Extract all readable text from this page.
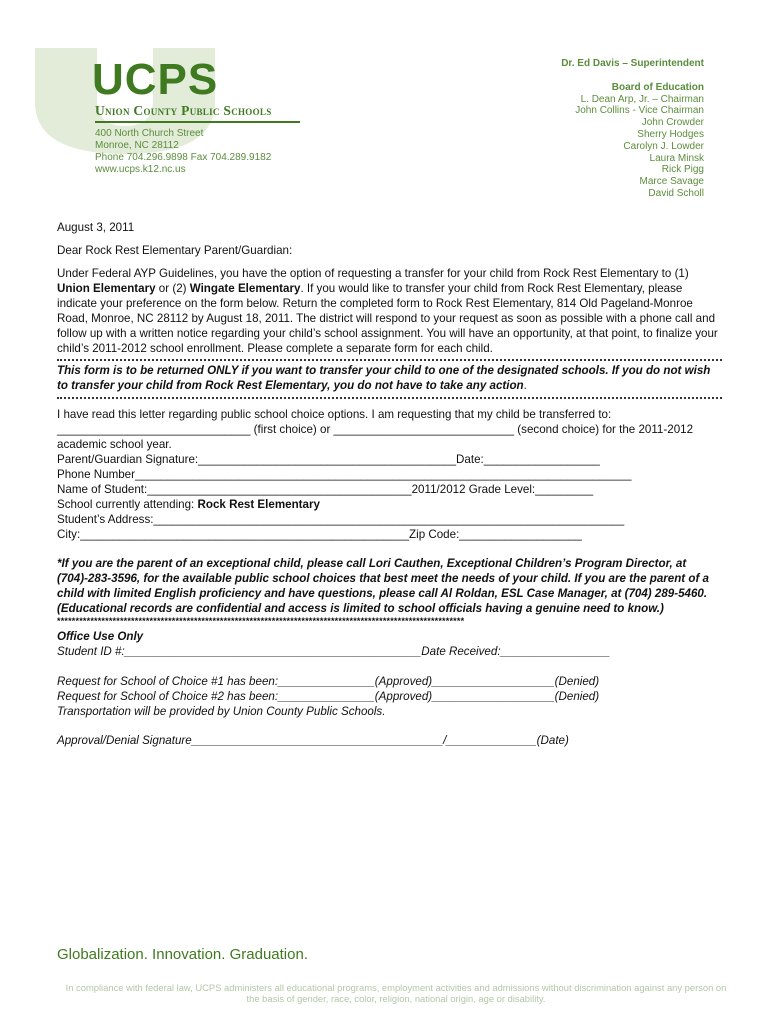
UCPS
Union County Public Schools
400 North Church Street
Monroe, NC 28112
Phone 704.296.9898 Fax 704.289.9182
www.ucps.k12.nc.us
Dr. Ed Davis – Superintendent
Board of Education
L. Dean Arp, Jr. – Chairman
John Collins - Vice Chairman
John Crowder
Sherry Hodges
Carolyn J. Lowder
Laura Minsk
Rick Pigg
Marce Savage
David Scholl

August 3, 2011

Dear Rock Rest Elementary Parent/Guardian:

Under Federal AYP Guidelines, you have the option of requesting a transfer for your child from Rock Rest Elementary to (1) Union Elementary or (2) Wingate Elementary. If you would like to transfer your child from Rock Rest Elementary, please indicate your preference on the form below. Return the completed form to Rock Rest Elementary, 814 Old Pageland-Monroe Road, Monroe, NC 28112 by August 18, 2011. The district will respond to your request as soon as possible with a phone call and follow up with a written notice regarding your child’s school assignment. You will have an opportunity, at that point, to finalize your child’s 2011-2012 school enrollment. Please complete a separate form for each child.

This form is to be returned ONLY if you want to transfer your child to one of the designated schools. If you do not wish to transfer your child from Rock Rest Elementary, you do not have to take any action.

I have read this letter regarding public school choice options. I am requesting that my child be transferred to:

______________________________ (first choice) or ____________________________ (second choice) for the 2011-2012 academic school year.

Parent/Guardian Signature:________________________________________Date:__________________

Phone Number_____________________________________________________________________________

Name of Student:_________________________________________2011/2012 Grade Level:_________

School currently attending: Rock Rest Elementary

Student’s Address:_________________________________________________________________________

City:___________________________________________________Zip Code:___________________

*If you are the parent of an exceptional child, please call Lori Cauthen, Exceptional Children’s Program Director, at (704)-283-3596, for the available public school choices that best meet the needs of your child. If you are the parent of a child with limited English proficiency and have questions, please call Al Roldan, ESL Case Manager, at (704) 289-5460. (Educational records are confidential and access is limited to school officials having a genuine need to know.)

**************************************************************************************************************

Office Use Only

Student ID #:______________________________________________Date Received:_________________

Request for School of Choice #1 has been:_______________(Approved)___________________(Denied)

Request for School of Choice #2 has been:_______________(Approved)___________________(Denied)

Transportation will be provided by Union County Public Schools.

Approval/Denial Signature_______________________________________/______________(Date)

Globalization. Innovation. Graduation.
In compliance with federal law, UCPS administers all educational programs, employment activities and admissions without discrimination against any person on the basis of gender, race, color, religion, national origin, age or disability.
